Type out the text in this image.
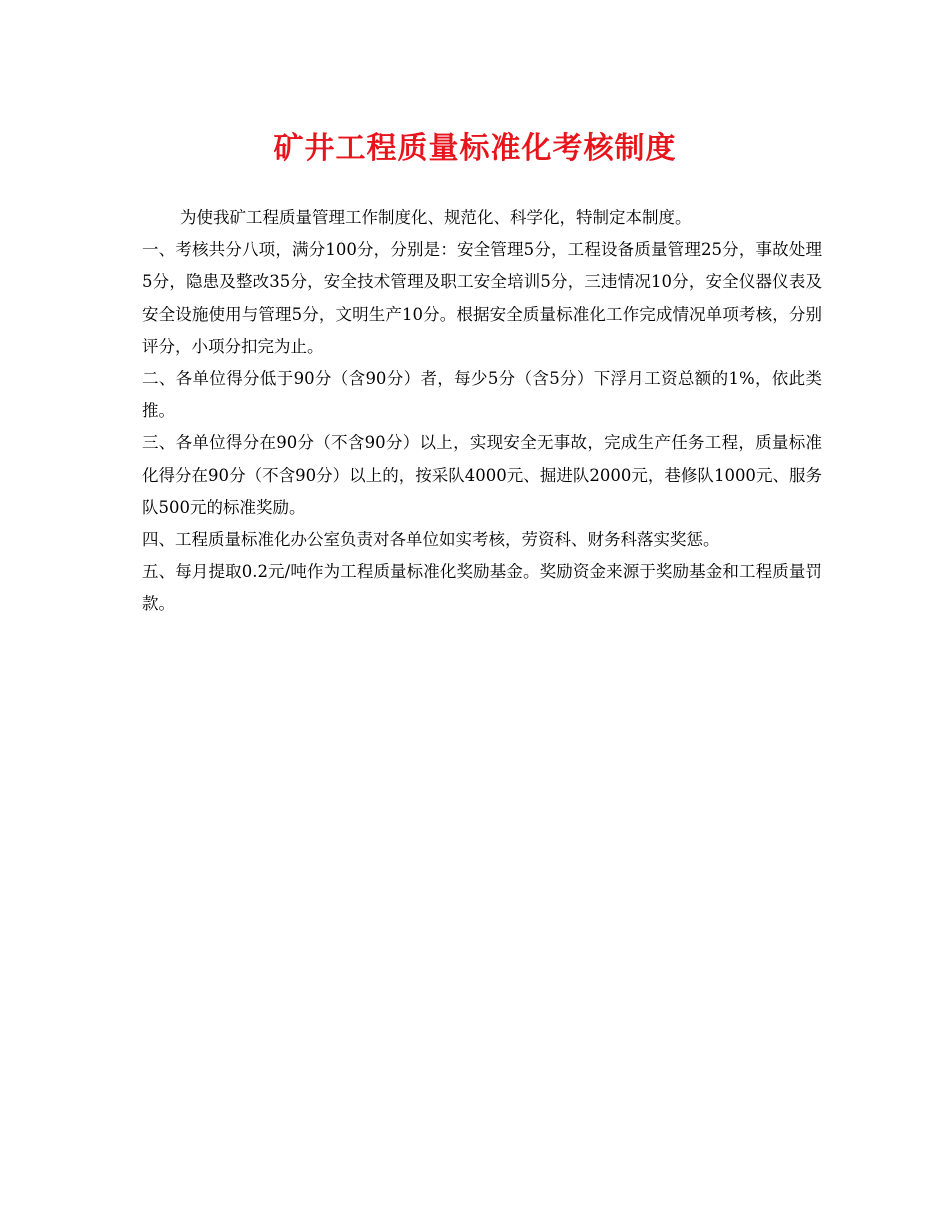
矿井工程质量标准化考核制度

为使我矿工程质量管理工作制度化、规范化、科学化，特制定本制度。

一、考核共分八项，满分100分，分别是：安全管理5分，工程设备质量管理25分，事故处理5分，隐患及整改35分，安全技术管理及职工安全培训5分，三违情况10分，安全仪器仪表及安全设施使用与管理5分，文明生产10分。根据安全质量标准化工作完成情况单项考核，分别评分，小项分扣完为止。

二、各单位得分低于90分（含90分）者，每少5分（含5分）下浮月工资总额的1%，依此类推。

三、各单位得分在90分（不含90分）以上，实现安全无事故，完成生产任务工程，质量标准化得分在90分（不含90分）以上的，按采队4000元、掘进队2000元，巷修队1000元、服务队500元的标准奖励。

四、工程质量标准化办公室负责对各单位如实考核，劳资科、财务科落实奖惩。

五、每月提取0.2元/吨作为工程质量标准化奖励基金。奖励资金来源于奖励基金和工程质量罚款。
